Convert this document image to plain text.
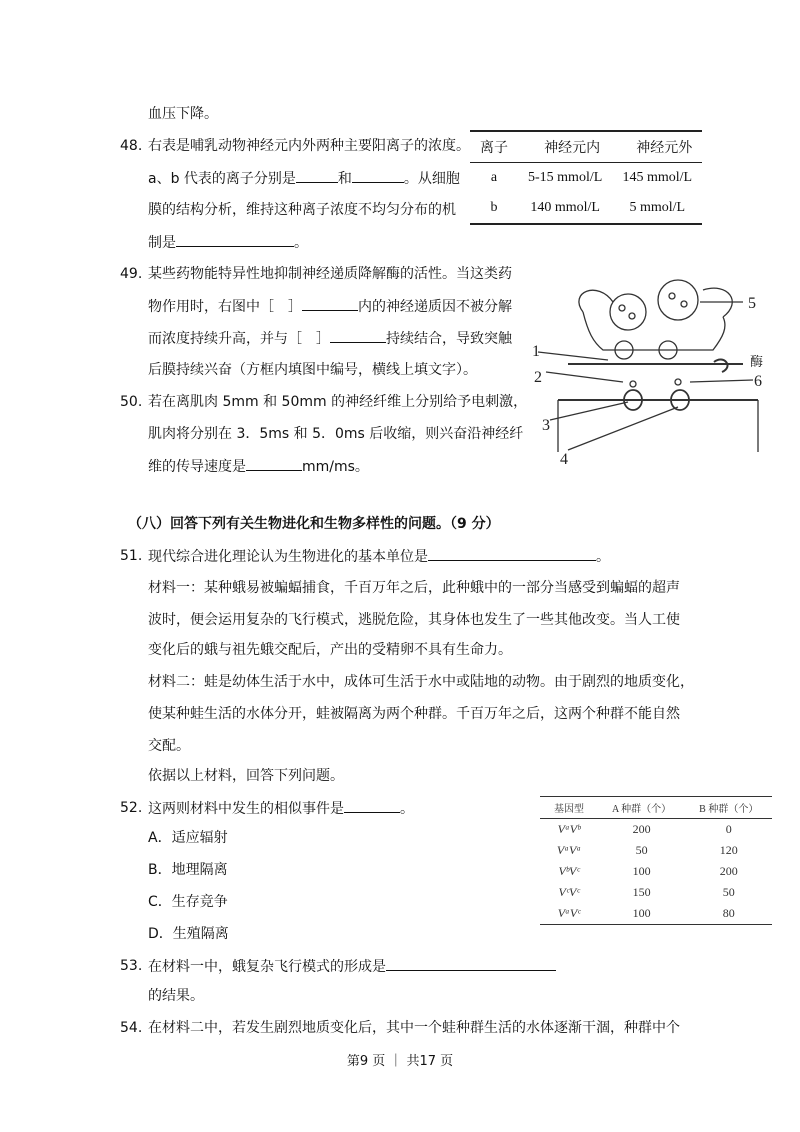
血压下降。
48. 右表是哺乳动物神经元内外两种主要阳离子的浓度。
a、b 代表的离子分别是	和	。从细胞
膜的结构分析，维持这种离子浓度不均匀分布的机
制是	。
离子	神经元内	神经元外
a	5-15 mmol/L	145 mmol/L
b	140 mmol/L	5 mmol/L
49. 某些药物能特异性地抑制神经递质降解酶的活性。当这类药
物作用时，右图中［　］	内的神经递质因不被分解
而浓度持续升高，并与［　］	持续结合，导致突触
后膜持续兴奋（方框内填图中编号，横线上填文字）。
1
2
3
4
5
6
酶
50. 若在离肌肉 5mm 和 50mm 的神经纤维上分别给予电刺激，
肌肉将分别在 3．5ms 和 5．0ms 后收缩，则兴奋沿神经纤
维的传导速度是	mm/ms。
（八）回答下列有关生物进化和生物多样性的问题。（9 分）
51. 现代综合进化理论认为生物进化的基本单位是	。
材料一：某种蛾易被蝙蝠捕食，千百万年之后，此种蛾中的一部分当感受到蝙蝠的超声
波时，便会运用复杂的飞行模式，逃脱危险，其身体也发生了一些其他改变。当人工使
变化后的蛾与祖先蛾交配后，产出的受精卵不具有生命力。
材料二：蛙是幼体生活于水中，成体可生活于水中或陆地的动物。由于剧烈的地质变化，
使某种蛙生活的水体分开，蛙被隔离为两个种群。千百万年之后，这两个种群不能自然
交配。
依据以上材料，回答下列问题。
52. 这两则材料中发生的相似事件是	。
A．适应辐射
B．地理隔离
C．生存竞争
D．生殖隔离
基因型	A 种群（个）	B 种群（个）
VᵃVᵇ	200	0
VᵃVᵃ	50	120
VᵇVᶜ	100	200
VᶜVᶜ	150	50
VᵃVᶜ	100	80
53. 在材料一中，蛾复杂飞行模式的形成是
的结果。
54. 在材料二中，若发生剧烈地质变化后，其中一个蛙种群生活的水体逐渐干涸，种群中个
第9 页 ｜ 共17 页
